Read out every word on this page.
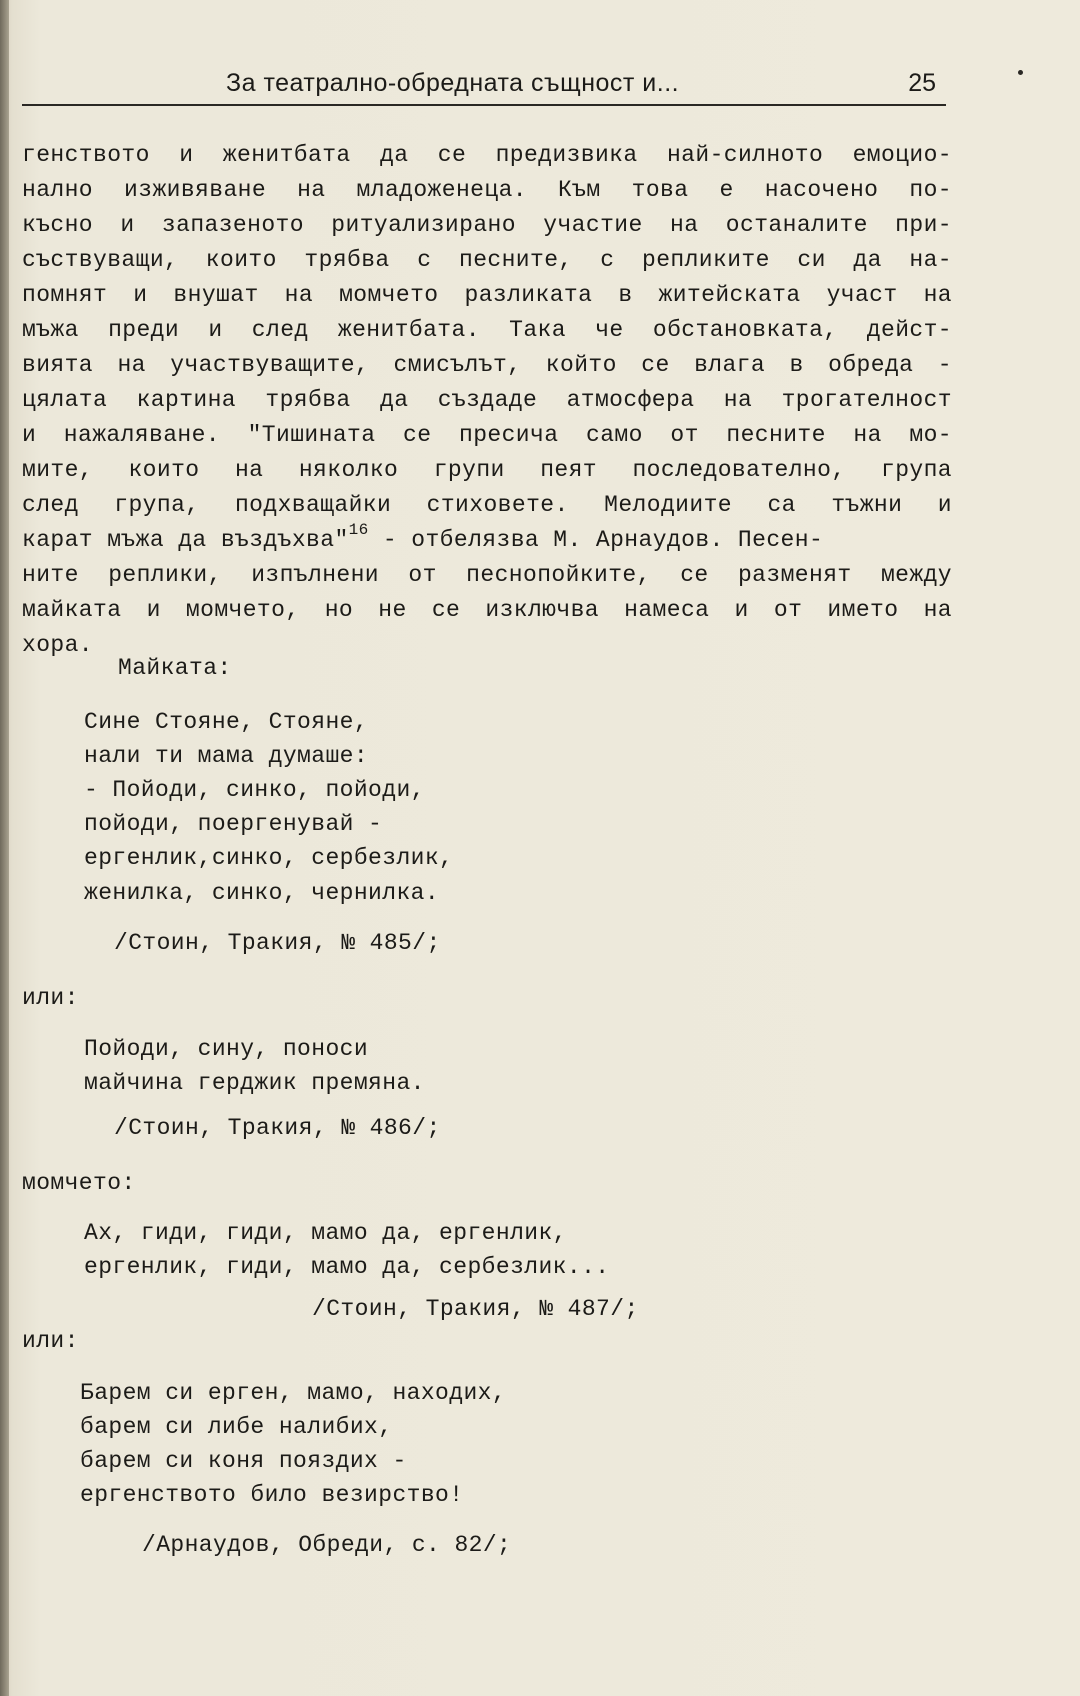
За театрално-обредната същност и...	25
генството и женитбата да се предизвика най-силното емоцио-
нално изживяване на младоженеца. Към това е насочено по-
късно и запазеното ритуализирано участие на останалите при-
съствуващи, които трябва с песните, с репликите си да на-
помнят и внушат на момчето разликата в житейската участ на
мъжа преди и след женитбата. Така че обстановката, дейст-
вията на участвуващите, смисълът, който се влага в обреда -
цялата картина трябва да създаде атмосфера на трогателност
и нажаляване. "Тишината се пресича само от песните на мо-
мите, които на няколко групи пеят последователно, група
след група, подхващайки стиховете. Мелодиите са тъжни и
карат мъжа да въздъхва"$^{16}$ - отбелязва М. Арнаудов. Песен-
ните реплики, изпълнени от песнопойките, се разменят между
майката и момчето, но не се изключва намеса и от името на
хора.
Майката:
Сине Стояне, Стояне,
нали ти мама думаше:
- Пойоди, синко, пойоди,
пойоди, поергенувай -
ергенлик,синко, сербезлик,
женилка, синко, чернилка.
/Стоин, Тракия, № 485/;
или:
Пойоди, сину, поноси
майчина герджик премяна.
/Стоин, Тракия, № 486/;
момчето:
Ах, гиди, гиди, мамо да, ергенлик,
ергенлик, гиди, мамо да, сербезлик...
/Стоин, Тракия, № 487/;
или:
Барем си ерген, мамо, находих,
барем си либе налибих,
барем си коня пояздих -
ергенството било везирство!
/Арнаудов, Обреди, с. 82/;
